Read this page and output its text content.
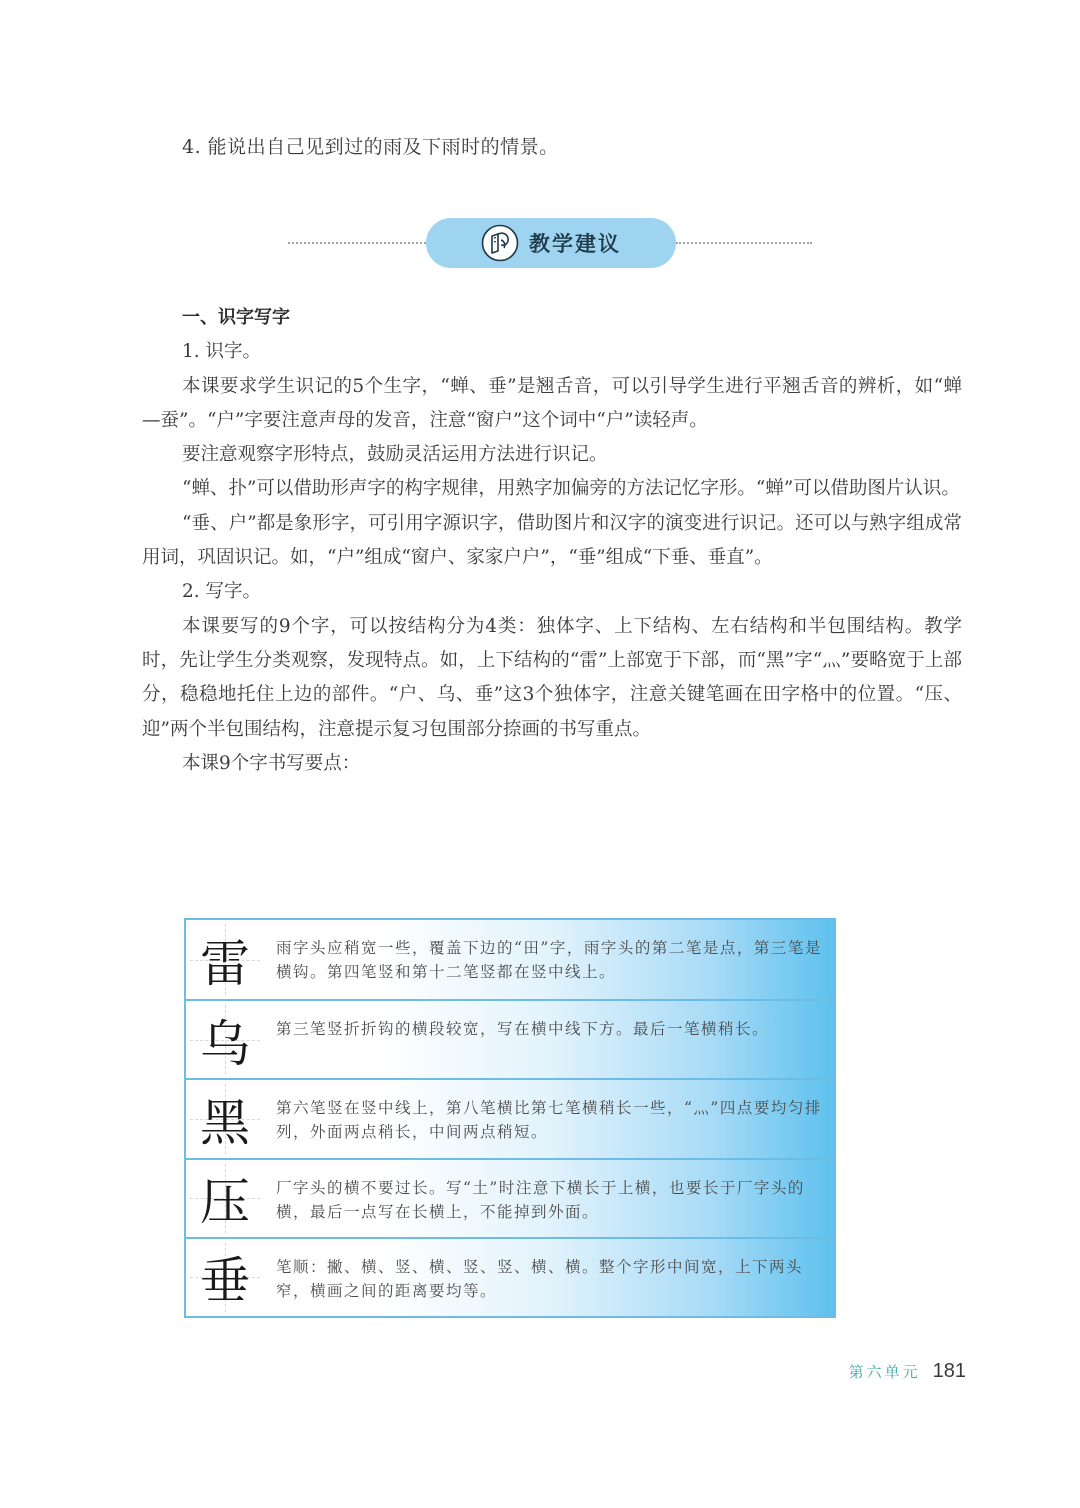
4. 能说出自己见到过的雨及下雨时的情景。
教学建议

一、识字写字

1. 识字。

本课要求学生识记的5个生字，“蝉、垂”是翘舌音，可以引导学生进行平翘舌音的辨析，如“蝉—蚕”。“户”字要注意声母的发音，注意“窗户”这个词中“户”读轻声。

要注意观察字形特点，鼓励灵活运用方法进行识记。

“蝉、扑”可以借助形声字的构字规律，用熟字加偏旁的方法记忆字形。“蝉”可以借助图片认识。

“垂、户”都是象形字，可引用字源识字，借助图片和汉字的演变进行识记。还可以与熟字组成常用词，巩固识记。如，“户”组成“窗户、家家户户”，“垂”组成“下垂、垂直”。

2. 写字。

本课要写的9个字，可以按结构分为4类：独体字、上下结构、左右结构和半包围结构。教学时，先让学生分类观察，发现特点。如，上下结构的“雷”上部宽于下部，而“黑”字“灬”要略宽于上部分，稳稳地托住上边的部件。“户、乌、垂”这3个独体字，注意关键笔画在田字格中的位置。“压、迎”两个半包围结构，注意提示复习包围部分捺画的书写重点。

本课9个字书写要点：

雷	雨字头应稍宽一些，覆盖下边的“田”字，雨字头的第二笔是点，第三笔是横钩。第四笔竖和第十二笔竖都在竖中线上。
乌	第三笔竖折折钩的横段较宽，写在横中线下方。最后一笔横稍长。
黑	第六笔竖在竖中线上，第八笔横比第七笔横稍长一些，“灬”四点要均匀排列，外面两点稍长，中间两点稍短。
压	厂字头的横不要过长。写“土”时注意下横长于上横，也要长于厂字头的横，最后一点写在长横上，不能掉到外面。
垂	笔顺：撇、横、竖、横、竖、竖、横、横。整个字形中间宽，上下两头窄，横画之间的距离要均等。
第六单元 181
